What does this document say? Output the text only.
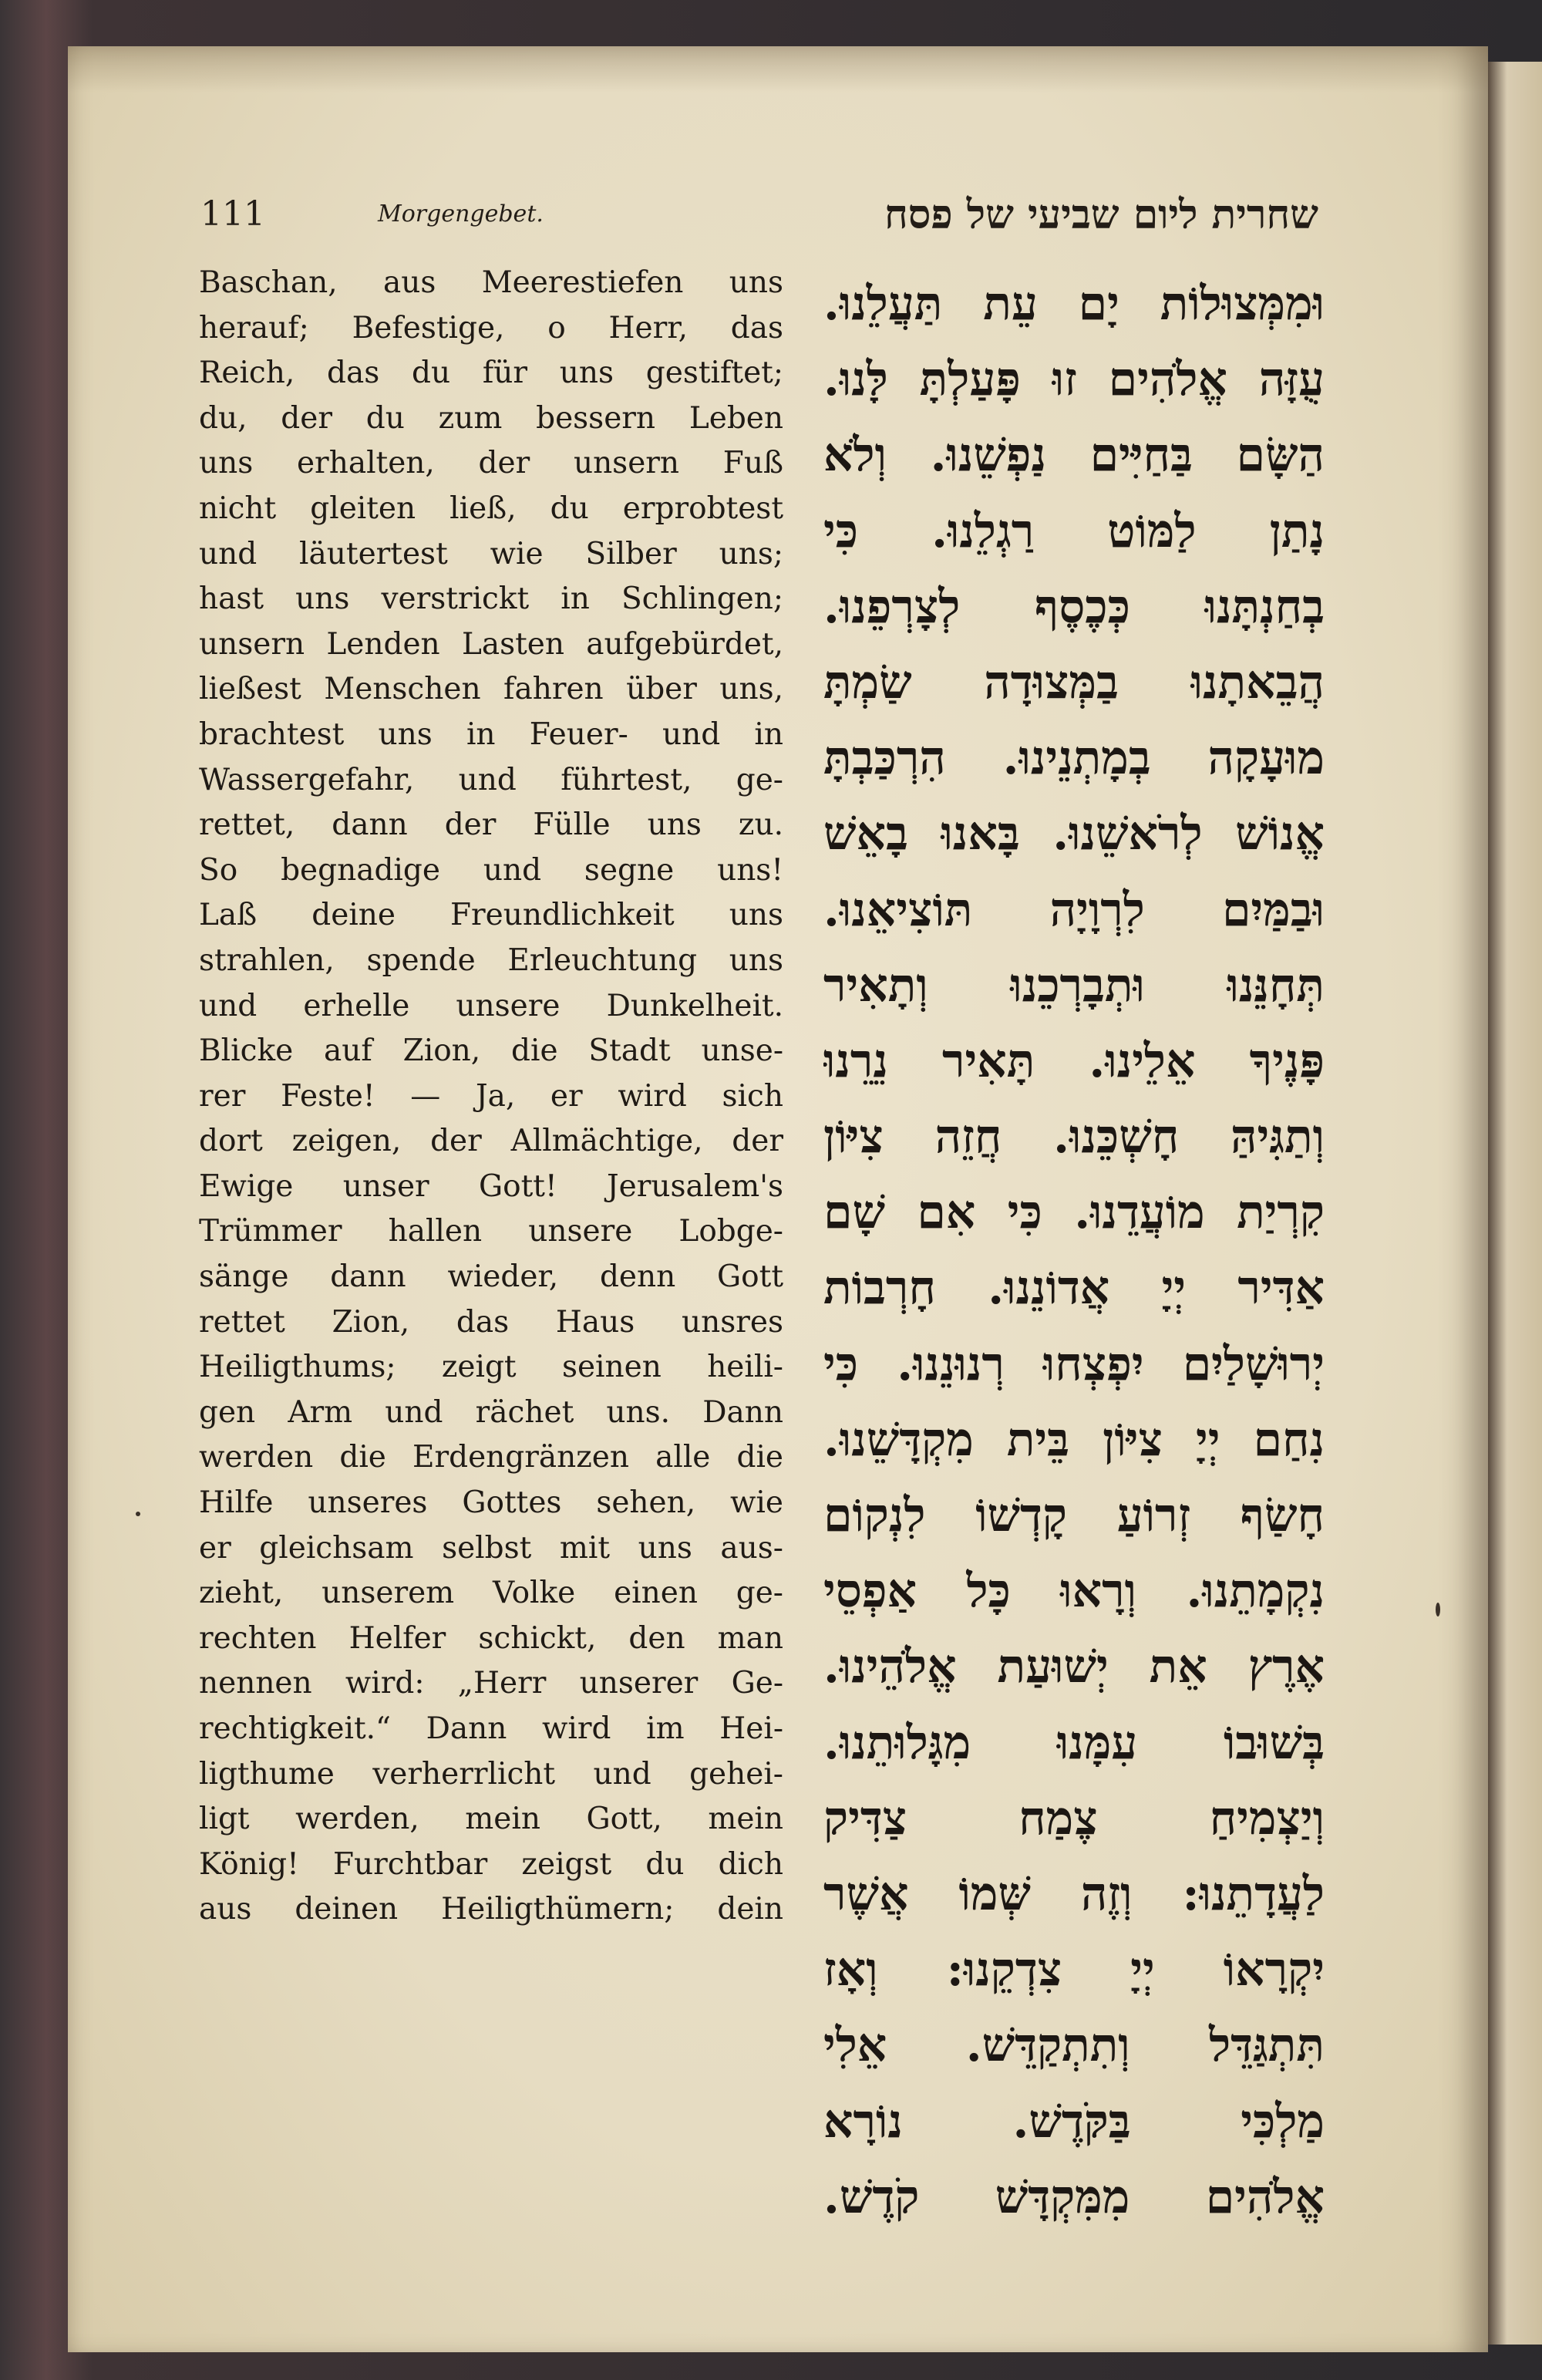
111	Morgengebet.	שחרית ליום שביעי של פסח
Baschan, aus Meerestiefen uns
herauf; Befestige, o Herr, das
Reich, das du für uns gestiftet;
du, der du zum bessern Leben
uns erhalten, der unsern Fuß
nicht gleiten ließ, du erprobtest
und läutertest wie Silber uns;
hast uns verstrickt in Schlingen;
unsern Lenden Lasten aufgebürdet,
ließest Menschen fahren über uns,
brachtest uns in Feuer- und in
Wassergefahr, und führtest, ge-
rettet, dann der Fülle uns zu.
So begnadige und segne uns!
Laß deine Freundlichkeit uns
strahlen, spende Erleuchtung uns
und erhelle unsere Dunkelheit.
Blicke auf Zion, die Stadt unse-
rer Feste! — Ja, er wird sich
dort zeigen, der Allmächtige, der
Ewige unser Gott! Jerusalem's
Trümmer hallen unsere Lobge-
sänge dann wieder, denn Gott
rettet Zion, das Haus unsres
Heiligthums; zeigt seinen heili-
gen Arm und rächet uns. Dann
werden die Erdengränzen alle die
Hilfe unseres Gottes sehen, wie
er gleichsam selbst mit uns aus-
zieht, unserem Volke einen ge-
rechten Helfer schickt, den man
nennen wird: „Herr unserer Ge-
rechtigkeit.“ Dann wird im Hei-
ligthume verherrlicht und gehei-
ligt werden, mein Gott, mein
König! Furchtbar zeigst du dich
aus deinen Heiligthümern; dein
וּמִמְּצוּלוֹת יָם עֵת תַּעֲלֵנוּ.
עֻזָּה אֱלֹהִים זוּ פָּעַלְתָּ לָּנוּ.
הַשָּׂם בַּחַיִּים נַפְשֵׁנוּ. וְלֹא
נָתַן לַמּוֹט רַגְלֵנוּ. כִּי
בְחַנְתָּנוּ כְּכֶסֶף לְצָרְפֵנוּ.
הֲבֵאתָנוּ בַמְּצוּדָה שַׂמְתָּ
מוּעָקָה בְמָתְנֵינוּ. הִרְכַּבְתָּ
אֱנוֹשׁ לְרֹאשֵׁנוּ. בָּאנוּ בָאֵשׁ
וּבַמַּיִם לִרְוָיָה תּוֹצִיאֵנוּ.
תְּחָנֵּנוּ וּתְבָרְכֵנוּ וְתָאִיר
פָּנֶיךָ אֵלֵינוּ. תָּאִיר נֵרֵנוּ
וְתַגִּיהַּ חָשְׁכֵּנוּ. חֲזֵה צִיּוֹן
קִרְיַת מוֹעֲדֵנוּ. כִּי אִם שָׁם
אַדִּיר יְיָ אֲדוֹנֵנוּ. חָרְבוֹת
יְרוּשָׁלַיִם יִפְצְחוּ רְנוּנֵנוּ. כִּי
נִחַם יְיָ צִיּוֹן בֵּית מִקְדָּשֵׁנוּ.
חָשַׂף זְרוֹעַ קָדְשׁוֹ לִנְקוֹם
נִקְמָתֵנוּ. וְרָאוּ כָּל אַפְסֵי
אֶרֶץ אֵת יְשׁוּעַת אֱלֹהֵינוּ.
בְּשׁוּבוֹ עִמָּנוּ מִגָּלוּתֵנוּ.
וְיַצְמִיחַ צֶמַח צַדִּיק
לַעֲדָתֵנוּ: וְזֶה שְּׁמוֹ אֲשֶׁר
יִקְרָאוֹ יְיָ צִדְקֵנוּ: וְאָז
תִּתְגַּדֵּל וְתִתְקַדֵּשׁ. אֵלִי
מַלְכִּי בַּקֹּדֶשׁ. נוֹרָא
אֱלֹהִים מִמִּקְדָּשׁ קֹדֶשׁ.
